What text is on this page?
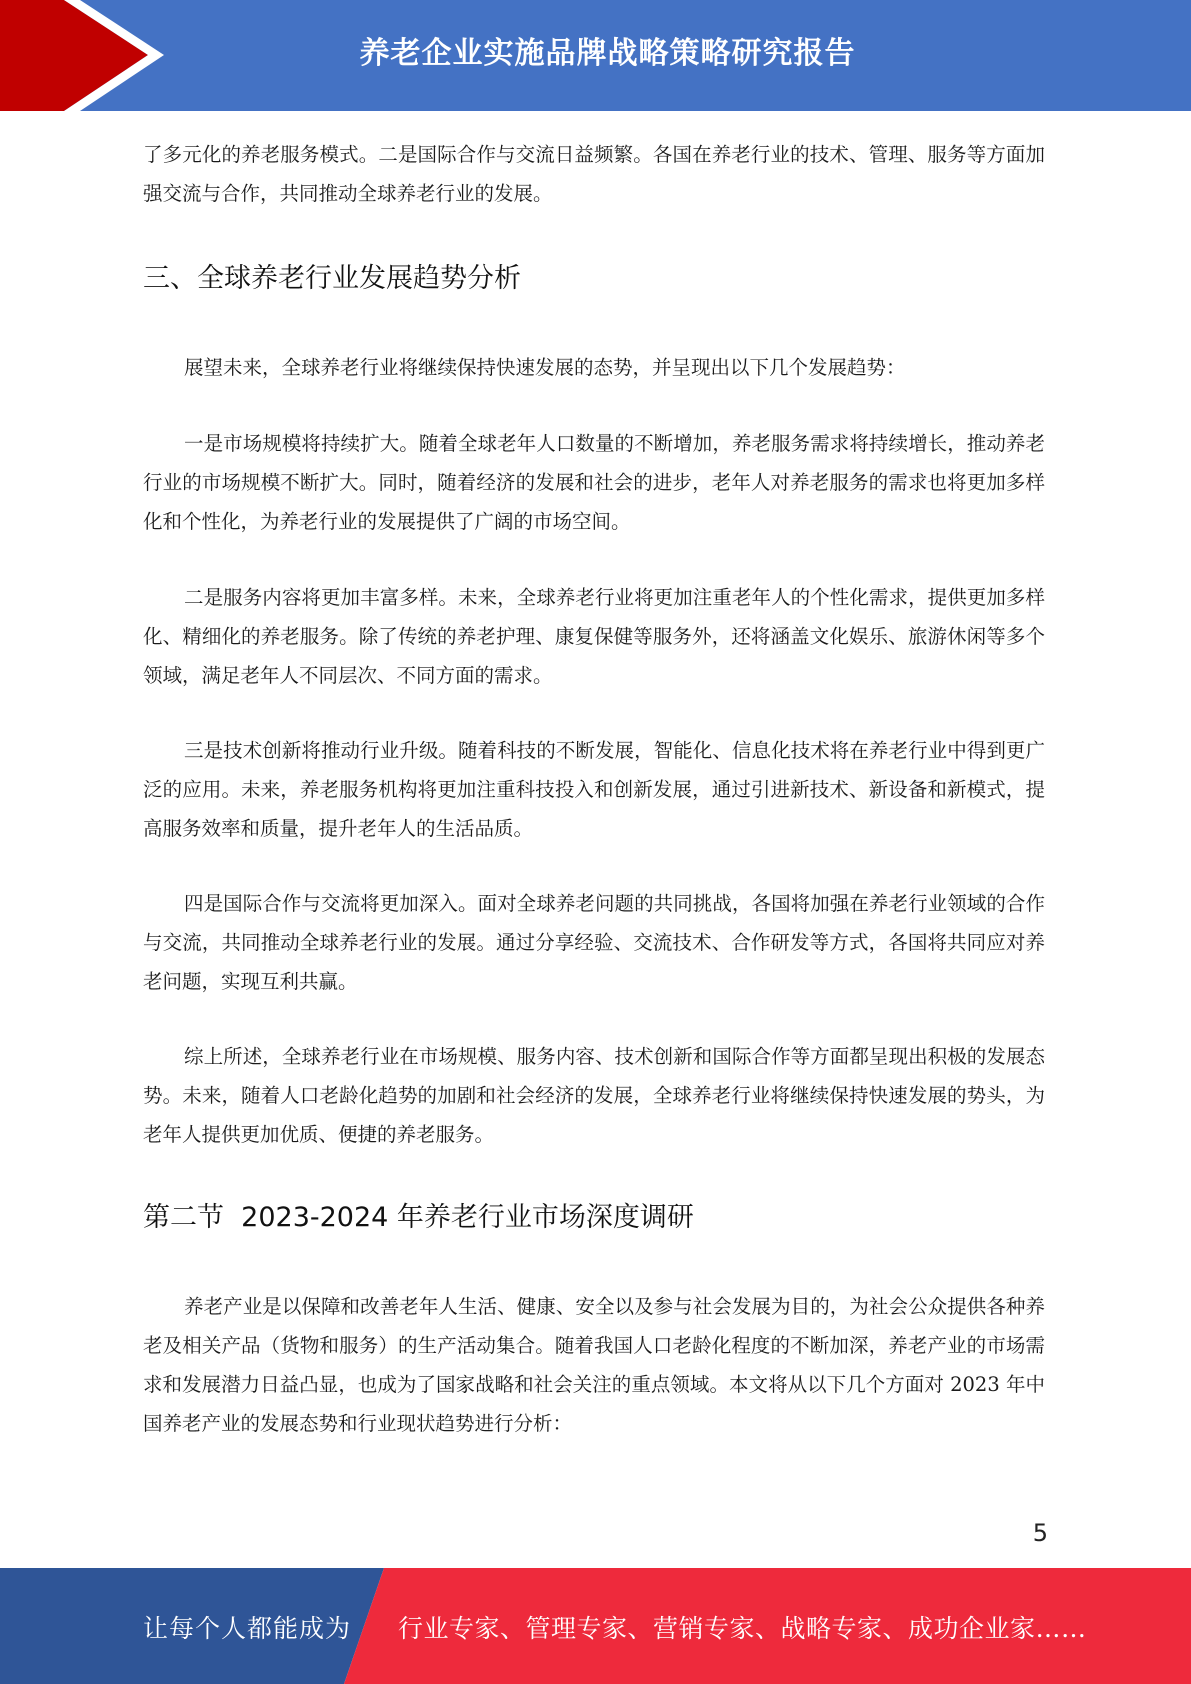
养老企业实施品牌战略策略研究报告

了多元化的养老服务模式。二是国际合作与交流日益频繁。各国在养老行业的技术、管理、服务等方面加强交流与合作，共同推动全球养老行业的发展。

三、全球养老行业发展趋势分析

展望未来，全球养老行业将继续保持快速发展的态势，并呈现出以下几个发展趋势：

一是市场规模将持续扩大。随着全球老年人口数量的不断增加，养老服务需求将持续增长，推动养老行业的市场规模不断扩大。同时，随着经济的发展和社会的进步，老年人对养老服务的需求也将更加多样化和个性化，为养老行业的发展提供了广阔的市场空间。

二是服务内容将更加丰富多样。未来，全球养老行业将更加注重老年人的个性化需求，提供更加多样化、精细化的养老服务。除了传统的养老护理、康复保健等服务外，还将涵盖文化娱乐、旅游休闲等多个领域，满足老年人不同层次、不同方面的需求。

三是技术创新将推动行业升级。随着科技的不断发展，智能化、信息化技术将在养老行业中得到更广泛的应用。未来，养老服务机构将更加注重科技投入和创新发展，通过引进新技术、新设备和新模式，提高服务效率和质量，提升老年人的生活品质。

四是国际合作与交流将更加深入。面对全球养老问题的共同挑战，各国将加强在养老行业领域的合作与交流，共同推动全球养老行业的发展。通过分享经验、交流技术、合作研发等方式，各国将共同应对养老问题，实现互利共赢。

综上所述，全球养老行业在市场规模、服务内容、技术创新和国际合作等方面都呈现出积极的发展态势。未来，随着人口老龄化趋势的加剧和社会经济的发展，全球养老行业将继续保持快速发展的势头，为老年人提供更加优质、便捷的养老服务。

第二节  2023-2024 年养老行业市场深度调研

养老产业是以保障和改善老年人生活、健康、安全以及参与社会发展为目的，为社会公众提供各种养老及相关产品（货物和服务）的生产活动集合。随着我国人口老龄化程度的不断加深，养老产业的市场需求和发展潜力日益凸显，也成为了国家战略和社会关注的重点领域。本文将从以下几个方面对 2023 年中国养老产业的发展态势和行业现状趋势进行分析：

5
让每个人都能成为 行业专家、管理专家、营销专家、战略专家、成功企业家……
